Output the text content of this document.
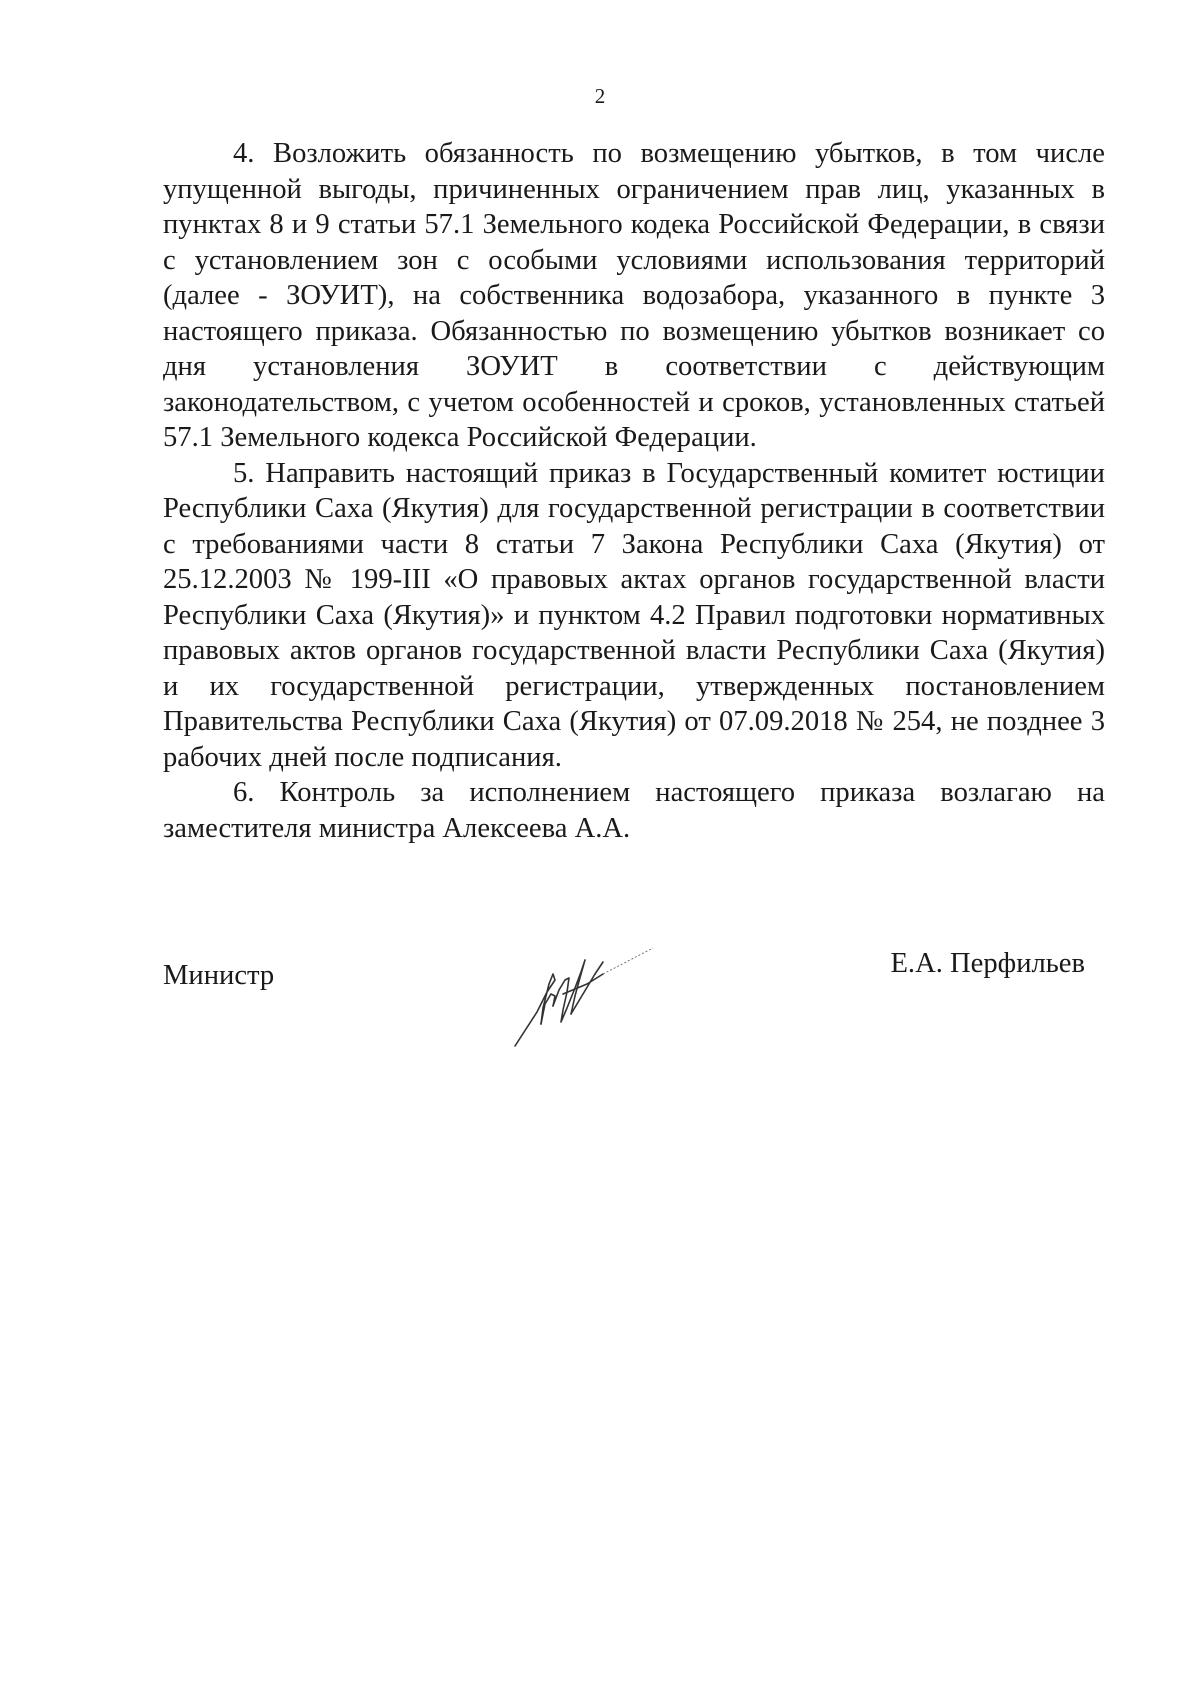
2

4. Возложить обязанность по возмещению убытков, в том числе упущенной выгоды, причиненных ограничением прав лиц, указанных в пунктах 8 и 9 статьи 57.1 Земельного кодека Российской Федерации, в связи с установлением зон с особыми условиями использования территорий (далее - ЗОУИТ), на собственника водозабора, указанного в пункте 3 настоящего приказа. Обязанностью по возмещению убытков возникает со дня установления ЗОУИТ в соответствии с действующим законодательством, с учетом особенностей и сроков, установленных статьей 57.1 Земельного кодекса Российской Федерации.

5. Направить настоящий приказ в Государственный комитет юстиции Республики Саха (Якутия) для государственной регистрации в соответствии с требованиями части 8 статьи 7 Закона Республики Саха (Якутия) от 25.12.2003 № 199-III «О правовых актах органов государственной власти Республики Саха (Якутия)» и пунктом 4.2 Правил подготовки нормативных правовых актов органов государственной власти Республики Саха (Якутия) и их государственной регистрации, утвержденных постановлением Правительства Республики Саха (Якутия) от 07.09.2018 № 254, не позднее 3 рабочих дней после подписания.

6. Контроль за исполнением настоящего приказа возлагаю на заместителя министра Алексеева А.А.

Министр	Е.А. Перфильев
